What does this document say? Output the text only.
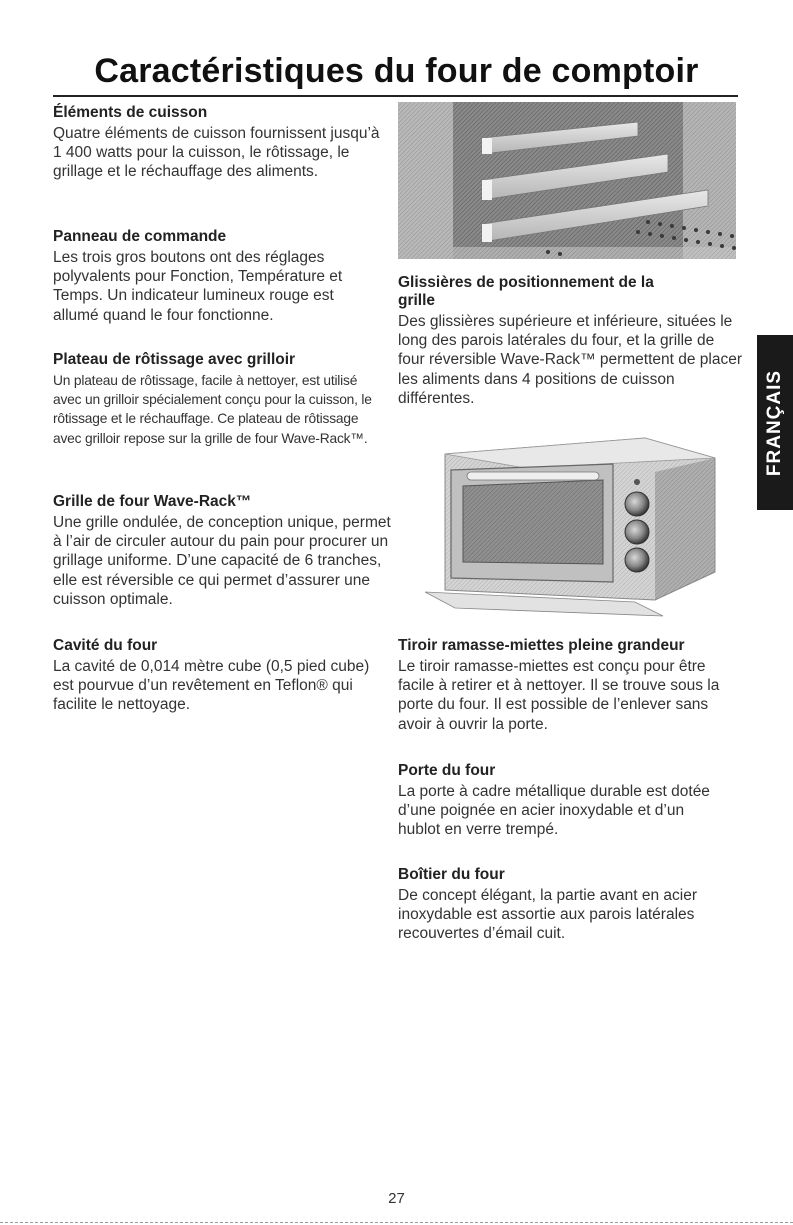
Caractéristiques du four de comptoir
Éléments de cuisson

Quatre éléments de cuisson fournissent jusqu’à 1 400 watts pour la cuisson, le rôtissage, le grillage et le réchauffage des aliments.

Panneau de commande

Les trois gros boutons ont des réglages polyvalents pour Fonction, Température et Temps. Un indicateur lumineux rouge est allumé quand le four fonctionne.

Plateau de rôtissage avec grilloir

Un plateau de rôtissage, facile à nettoyer, est utilisé avec un grilloir spécialement conçu pour la cuisson, le rôtissage et le réchauffage. Ce plateau de rôtissage avec grilloir repose sur la grille de four Wave-Rack™.

Grille de four Wave-Rack™

Une grille ondulée, de conception unique, permet à l’air de circuler autour du pain pour procurer un grillage uniforme. D’une capacité de 6 tranches, elle est réversible ce qui permet d’assurer une cuisson optimale.

Cavité du four

La cavité de 0,014 mètre cube (0,5 pied cube) est pourvue d’un revêtement en Teflon® qui facilite le nettoyage.

Glissières de positionnement de la grille

Des glissières supérieure et inférieure, situées le long des parois latérales du four, et la grille de four réversible Wave-Rack™ permettent de placer les aliments dans 4 positions de cuisson différentes.

Tiroir ramasse-miettes pleine grandeur

Le tiroir ramasse-miettes est conçu pour être facile à retirer et à nettoyer. Il se trouve sous la porte du four. Il est possible de l’enlever sans avoir à ouvrir la porte.

Porte du four

La porte à cadre métallique durable est dotée d’une poignée en acier inoxydable et d’un hublot en verre trempé.

Boîtier du four

De concept élégant, la partie avant en acier inoxydable est assortie aux parois latérales recouvertes d’émail cuit.

FRANÇAIS
27
